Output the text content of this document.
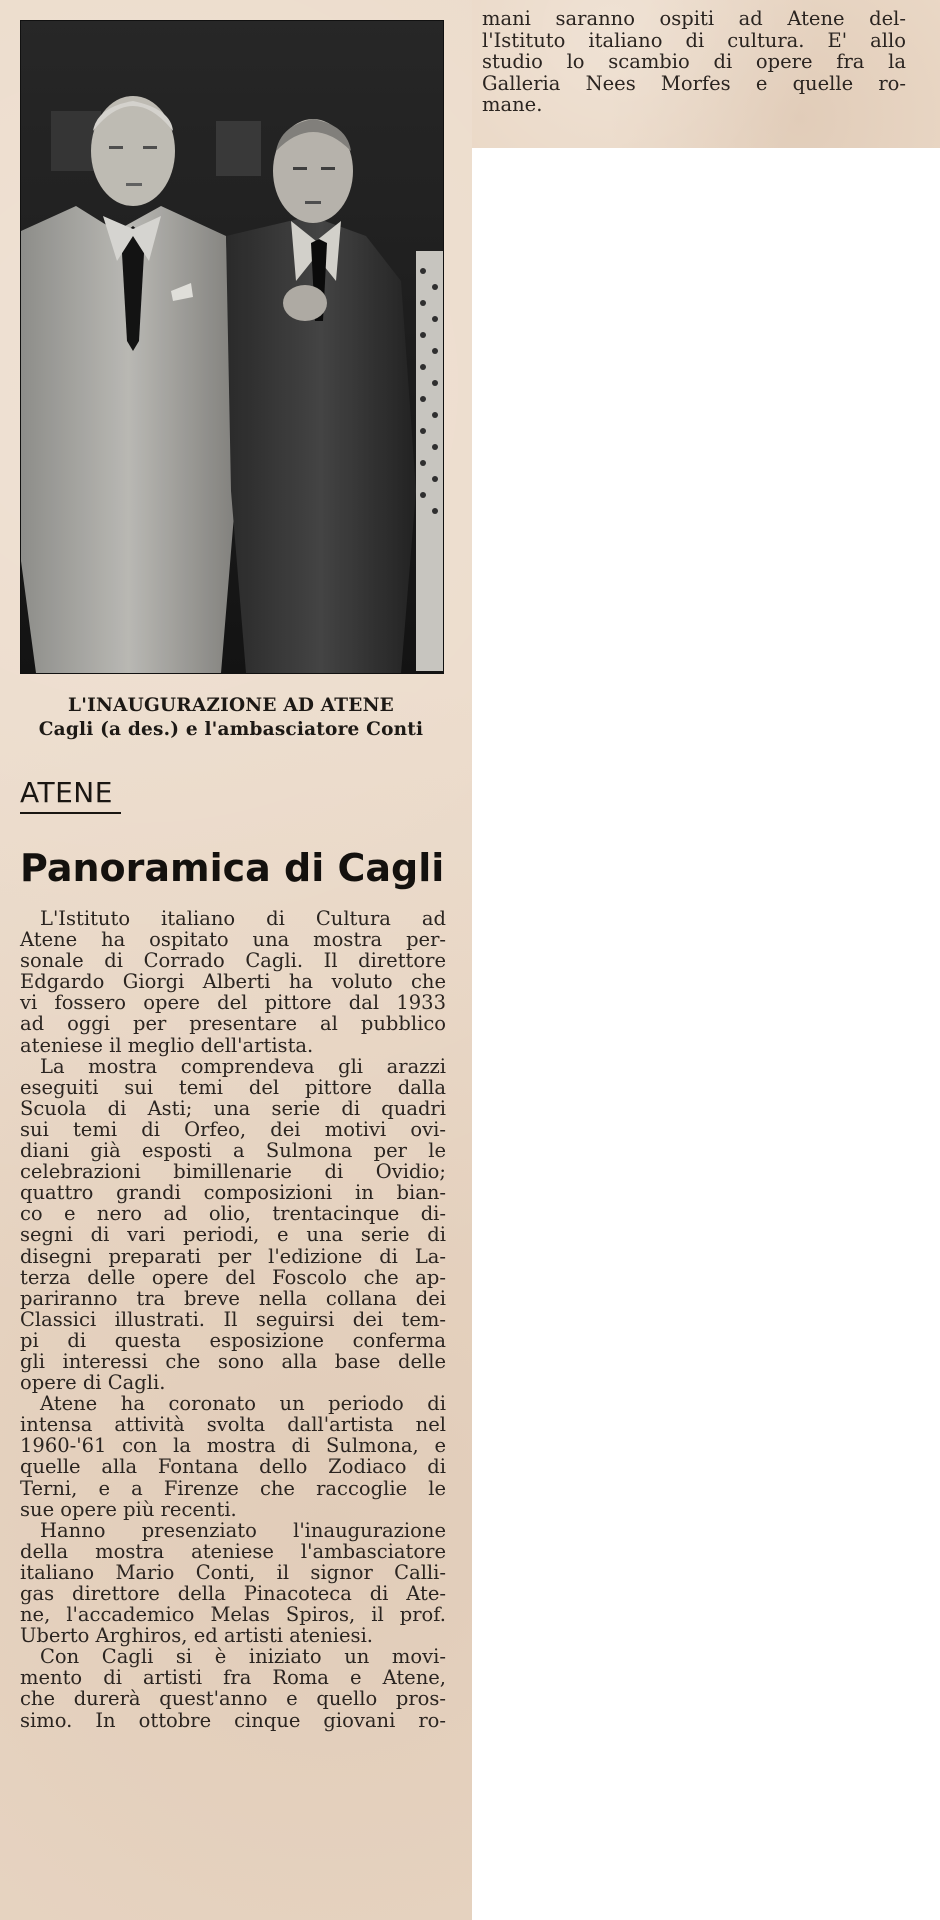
mani saranno ospiti ad Atene del-
l'Istituto italiano di cultura. E' allo
studio lo scambio di opere fra la
Galleria Nees Morfes e quelle ro-
mane.
L'INAUGURAZIONE AD ATENE
Cagli (a des.) e l'ambasciatore Conti
ATENE
Panoramica di Cagli
L'Istituto italiano di Cultura ad
Atene ha ospitato una mostra per-
sonale di Corrado Cagli. Il direttore
Edgardo Giorgi Alberti ha voluto che
vi fossero opere del pittore dal 1933
ad oggi per presentare al pubblico
ateniese il meglio dell'artista.
La mostra comprendeva gli arazzi
eseguiti sui temi del pittore dalla
Scuola di Asti; una serie di quadri
sui temi di Orfeo, dei motivi ovi-
diani già esposti a Sulmona per le
celebrazioni bimillenarie di Ovidio;
quattro grandi composizioni in bian-
co e nero ad olio, trentacinque di-
segni di vari periodi, e una serie di
disegni preparati per l'edizione di La-
terza delle opere del Foscolo che ap-
pariranno tra breve nella collana dei
Classici illustrati. Il seguirsi dei tem-
pi di questa esposizione conferma
gli interessi che sono alla base delle
opere di Cagli.
Atene ha coronato un periodo di
intensa attività svolta dall'artista nel
1960-'61 con la mostra di Sulmona, e
quelle alla Fontana dello Zodiaco di
Terni, e a Firenze che raccoglie le
sue opere più recenti.
Hanno presenziato l'inaugurazione
della mostra ateniese l'ambasciatore
italiano Mario Conti, il signor Calli-
gas direttore della Pinacoteca di Ate-
ne, l'accademico Melas Spiros, il prof.
Uberto Arghiros, ed artisti ateniesi.
Con Cagli si è iniziato un movi-
mento di artisti fra Roma e Atene,
che durerà quest'anno e quello pros-
simo. In ottobre cinque giovani ro-
